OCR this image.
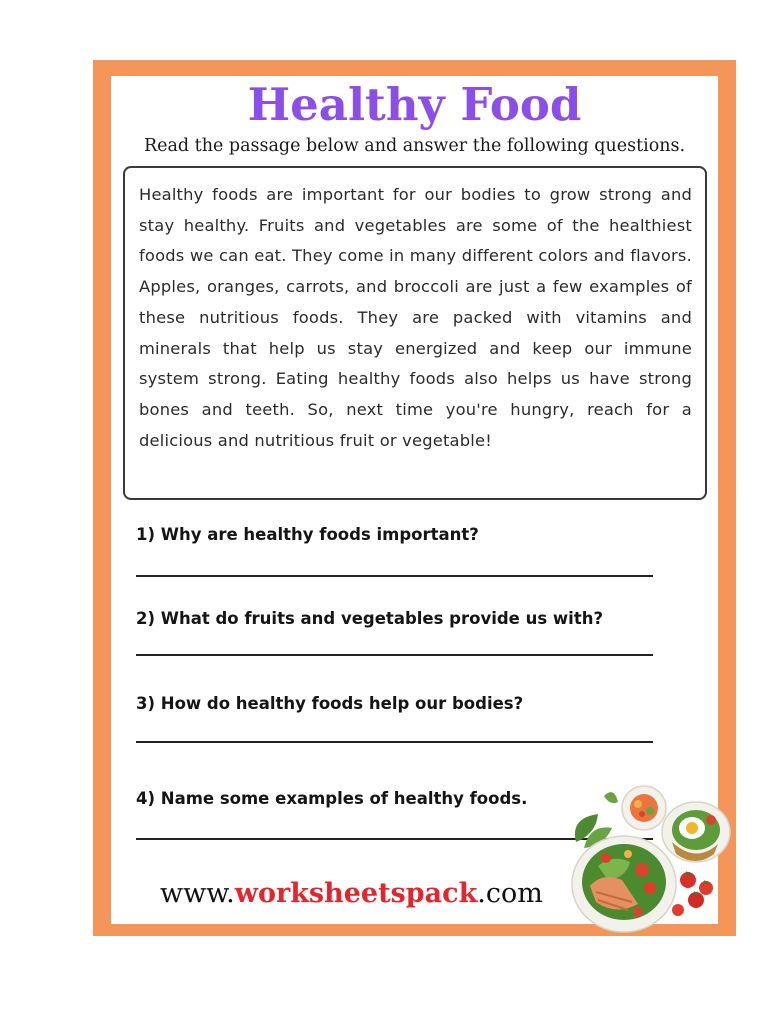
Healthy Food

Read the passage below and answer the following questions.

Healthy foods are important for our bodies to grow strong and stay healthy. Fruits and vegetables are some of the healthiest foods we can eat. They come in many different colors and flavors. Apples, oranges, carrots, and broccoli are just a few examples of these nutritious foods. They are packed with vitamins and minerals that help us stay energized and keep our immune system strong. Eating healthy foods also helps us have strong bones and teeth. So, next time you're hungry, reach for a delicious and nutritious fruit or vegetable!

1) Why are healthy foods important?
2) What do fruits and vegetables provide us with?
3) How do healthy foods help our bodies?
4) Name some examples of healthy foods.
www.worksheetspack.com
